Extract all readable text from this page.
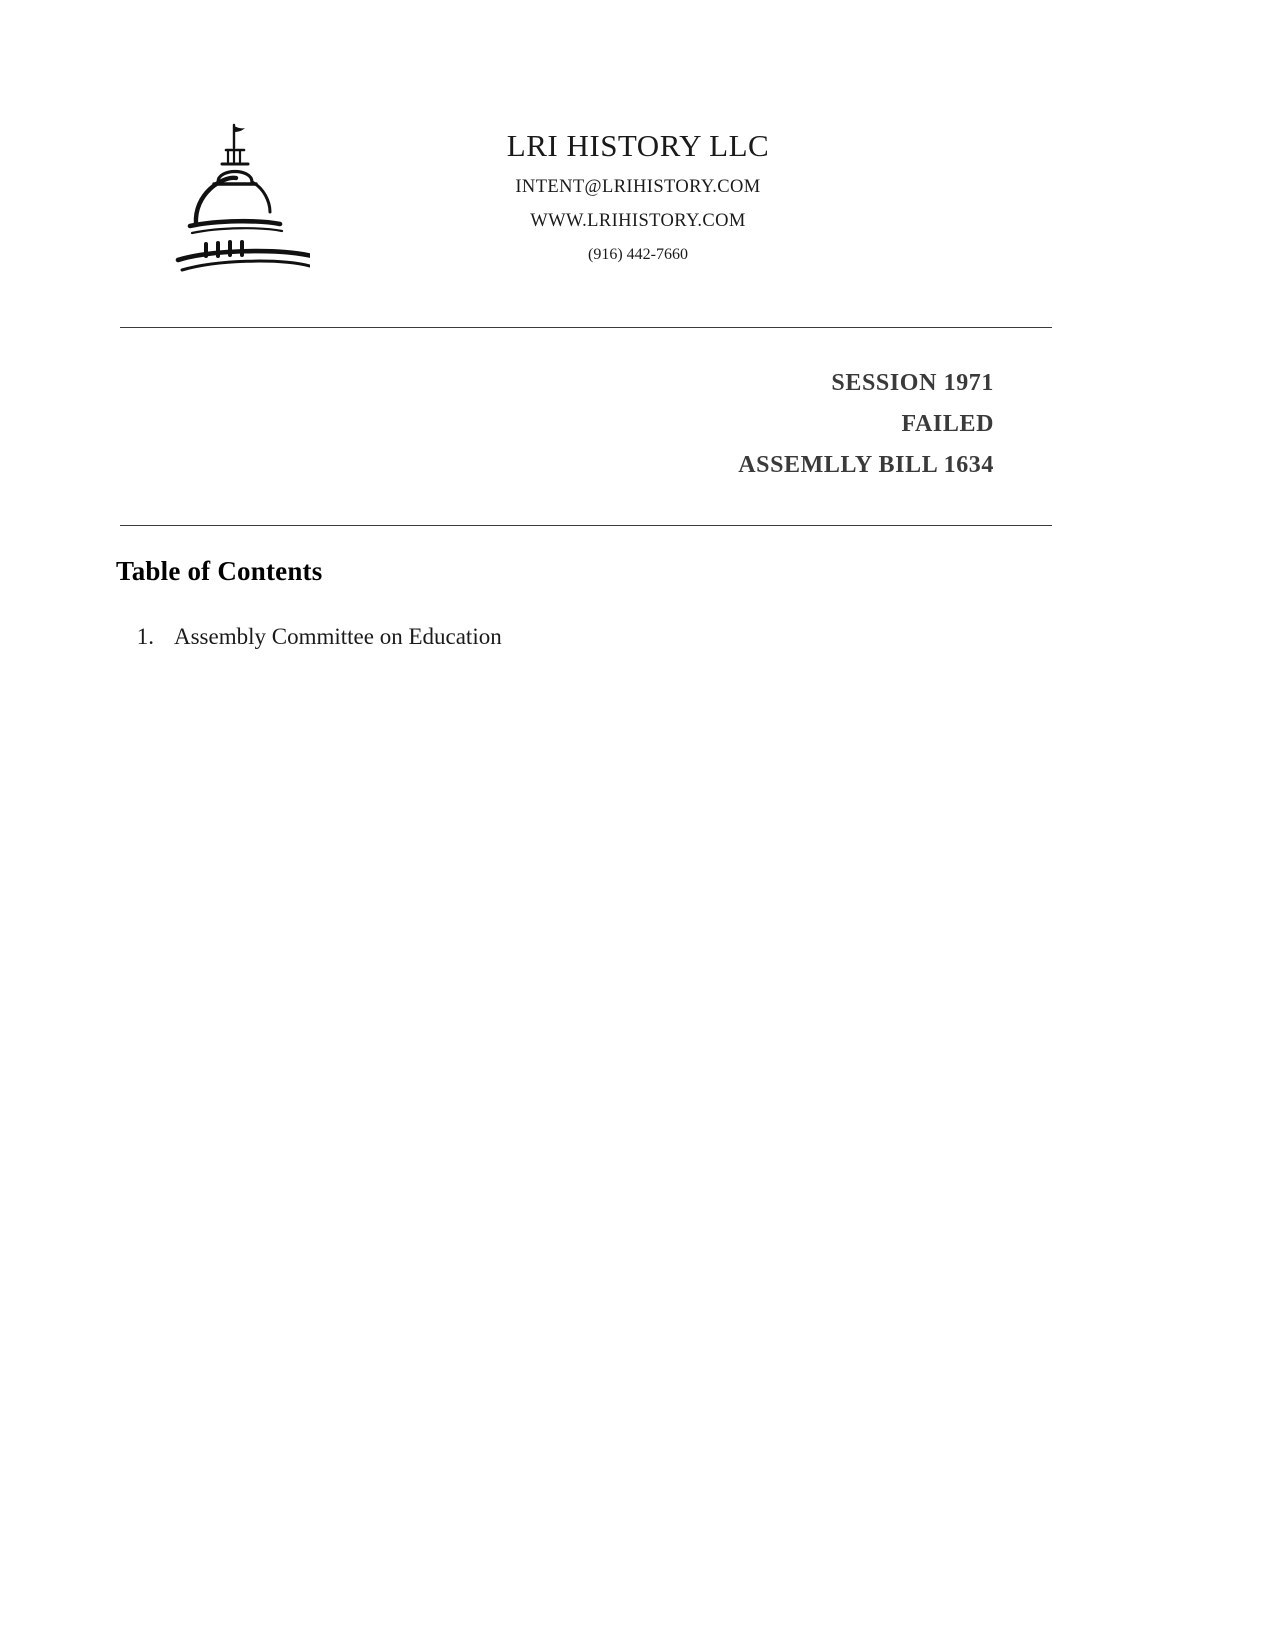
LRI HISTORY LLC
INTENT@LRIHISTORY.COM
WWW.LRIHISTORY.COM
(916) 442-7660
SESSION 1971
FAILED
ASSEMLLY BILL 1634
Table of Contents
1. Assembly Committee on Education
